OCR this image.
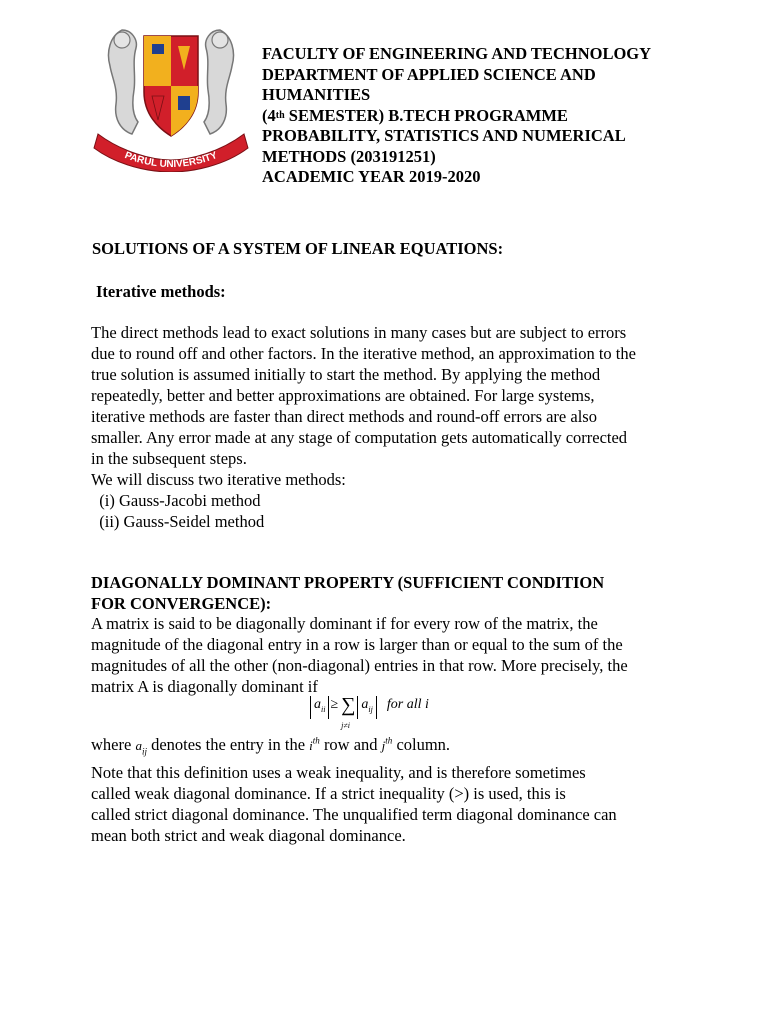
PARUL UNIVERSITY
FACULTY OF ENGINEERING AND TECHNOLOGY
DEPARTMENT OF APPLIED SCIENCE AND
HUMANITIES
(4th SEMESTER) B.TECH PROGRAMME
PROBABILITY, STATISTICS AND NUMERICAL
METHODS (203191251)
ACADEMIC YEAR 2019-2020
SOLUTIONS OF A SYSTEM OF LINEAR EQUATIONS:
Iterative methods:
The direct methods lead to exact solutions in many cases but are subject to errors
due to round off and other factors. In the iterative method, an approximation to the
true solution is assumed initially to start the method. By applying the method
repeatedly, better and better approximations are obtained. For large systems,
iterative methods are faster than direct methods and round-off errors are also
smaller. Any error made at any stage of computation gets automatically corrected
in the subsequent steps.
We will discuss two iterative methods:
(i) Gauss-Jacobi method
(ii) Gauss-Seidel method
DIAGONALLY DOMINANT PROPERTY (SUFFICIENT CONDITION
FOR CONVERGENCE):
A matrix is said to be diagonally dominant if for every row of the matrix, the
magnitude of the diagonal entry in a row is larger than or equal to the sum of the
magnitudes of all the other (non-diagonal) entries in that row. More precisely, the
matrix A is diagonally dominant if
$a_{ii}$ ≥ ∑
j≠i
$a_{ij}$ for all i
where $a_{ij}$ denotes the entry in the $i^{th}$ row and $j^{th}$ column.
Note that this definition uses a weak inequality, and is therefore sometimes
called weak diagonal dominance. If a strict inequality (>) is used, this is
called strict diagonal dominance. The unqualified term diagonal dominance can
mean both strict and weak diagonal dominance.
